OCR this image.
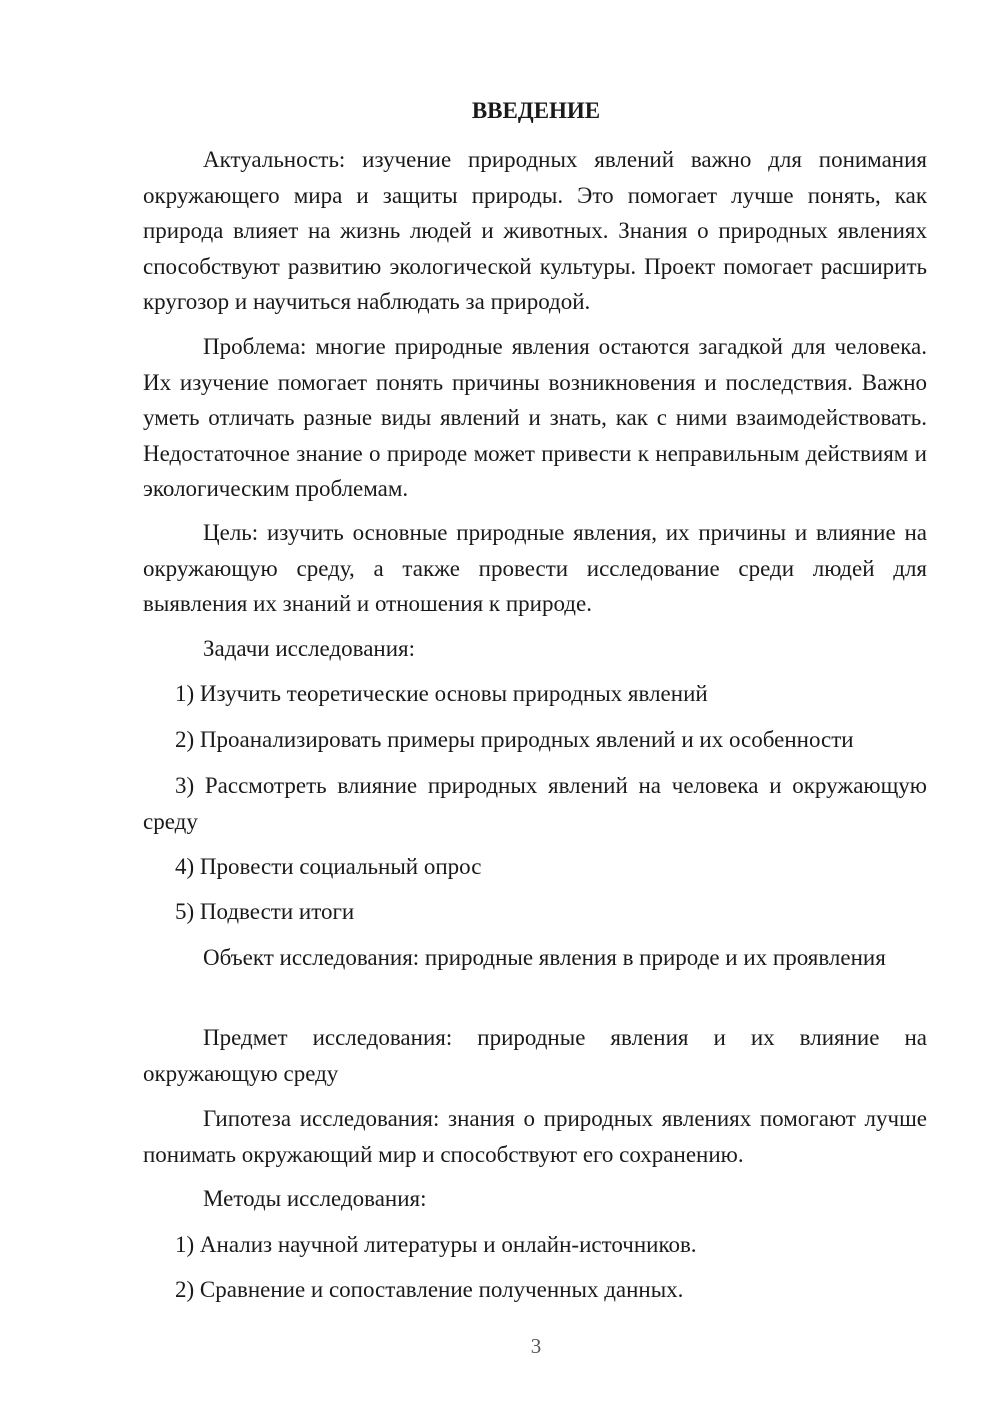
ВВЕДЕНИЕ

Актуальность: изучение природных явлений важно для понимания окружающего мира и защиты природы. Это помогает лучше понять, как природа влияет на жизнь людей и животных. Знания о природных явлениях способствуют развитию экологической культуры. Проект помогает расширить кругозор и научиться наблюдать за природой.

Проблема: многие природные явления остаются загадкой для человека. Их изучение помогает понять причины возникновения и последствия. Важно уметь отличать разные виды явлений и знать, как с ними взаимодействовать. Недостаточное знание о природе может привести к неправильным действиям и экологическим проблемам.

Цель: изучить основные природные явления, их причины и влияние на окружающую среду, а также провести исследование среди людей для выявления их знаний и отношения к природе.

Задачи исследования:

1) Изучить теоретические основы природных явлений

2) Проанализировать примеры природных явлений и их особенности

3) Рассмотреть влияние природных явлений на человека и окружающую среду

4) Провести социальный опрос

5) Подвести итоги

Объект исследования: природные явления в природе и их проявления

Предмет исследования: природные явления и их влияние на окружающую среду

Гипотеза исследования: знания о природных явлениях помогают лучше понимать окружающий мир и способствуют его сохранению.

Методы исследования:

1) Анализ научной литературы и онлайн-источников.

2) Сравнение и сопоставление полученных данных.

3
